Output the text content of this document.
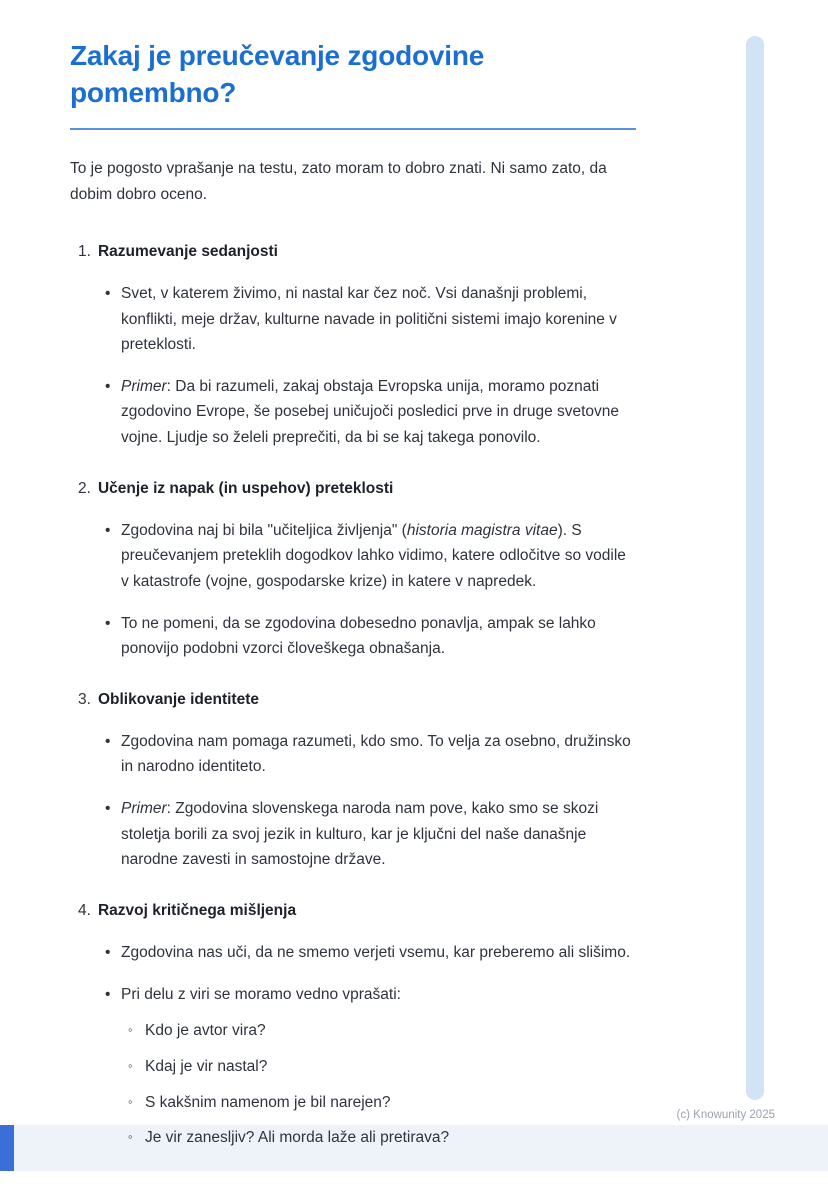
(c) Knowunity 2025
Zakaj je preučevanje zgodovine pomembno?

To je pogosto vprašanje na testu, zato moram to dobro znati. Ni samo zato, da dobim dobro oceno.

1. Razumevanje sedanjosti
•
Svet, v katerem živimo, ni nastal kar čez noč. Vsi današnji problemi, konflikti, meje držav, kulturne navade in politični sistemi imajo korenine v preteklosti.
•
Primer: Da bi razumeli, zakaj obstaja Evropska unija, moramo poznati zgodovino Evrope, še posebej uničujoči posledici prve in druge svetovne vojne. Ljudje so želeli preprečiti, da bi se kaj takega ponovilo.
2. Učenje iz napak (in uspehov) preteklosti
•
Zgodovina naj bi bila "učiteljica življenja" (historia magistra vitae). S preučevanjem preteklih dogodkov lahko vidimo, katere odločitve so vodile v katastrofe (vojne, gospodarske krize) in katere v napredek.
•
To ne pomeni, da se zgodovina dobesedno ponavlja, ampak se lahko ponovijo podobni vzorci človeškega obnašanja.
3. Oblikovanje identitete
•
Zgodovina nam pomaga razumeti, kdo smo. To velja za osebno, družinsko in narodno identiteto.
•
Primer: Zgodovina slovenskega naroda nam pove, kako smo se skozi stoletja borili za svoj jezik in kulturo, kar je ključni del naše današnje narodne zavesti in samostojne države.
4. Razvoj kritičnega mišljenja
•
Zgodovina nas uči, da ne smemo verjeti vsemu, kar preberemo ali slišimo.
•
Pri delu z viri se moramo vedno vprašati:
◦
Kdo je avtor vira?
◦
Kdaj je vir nastal?
◦
S kakšnim namenom je bil narejen?
◦
Je vir zanesljiv? Ali morda laže ali pretirava?
